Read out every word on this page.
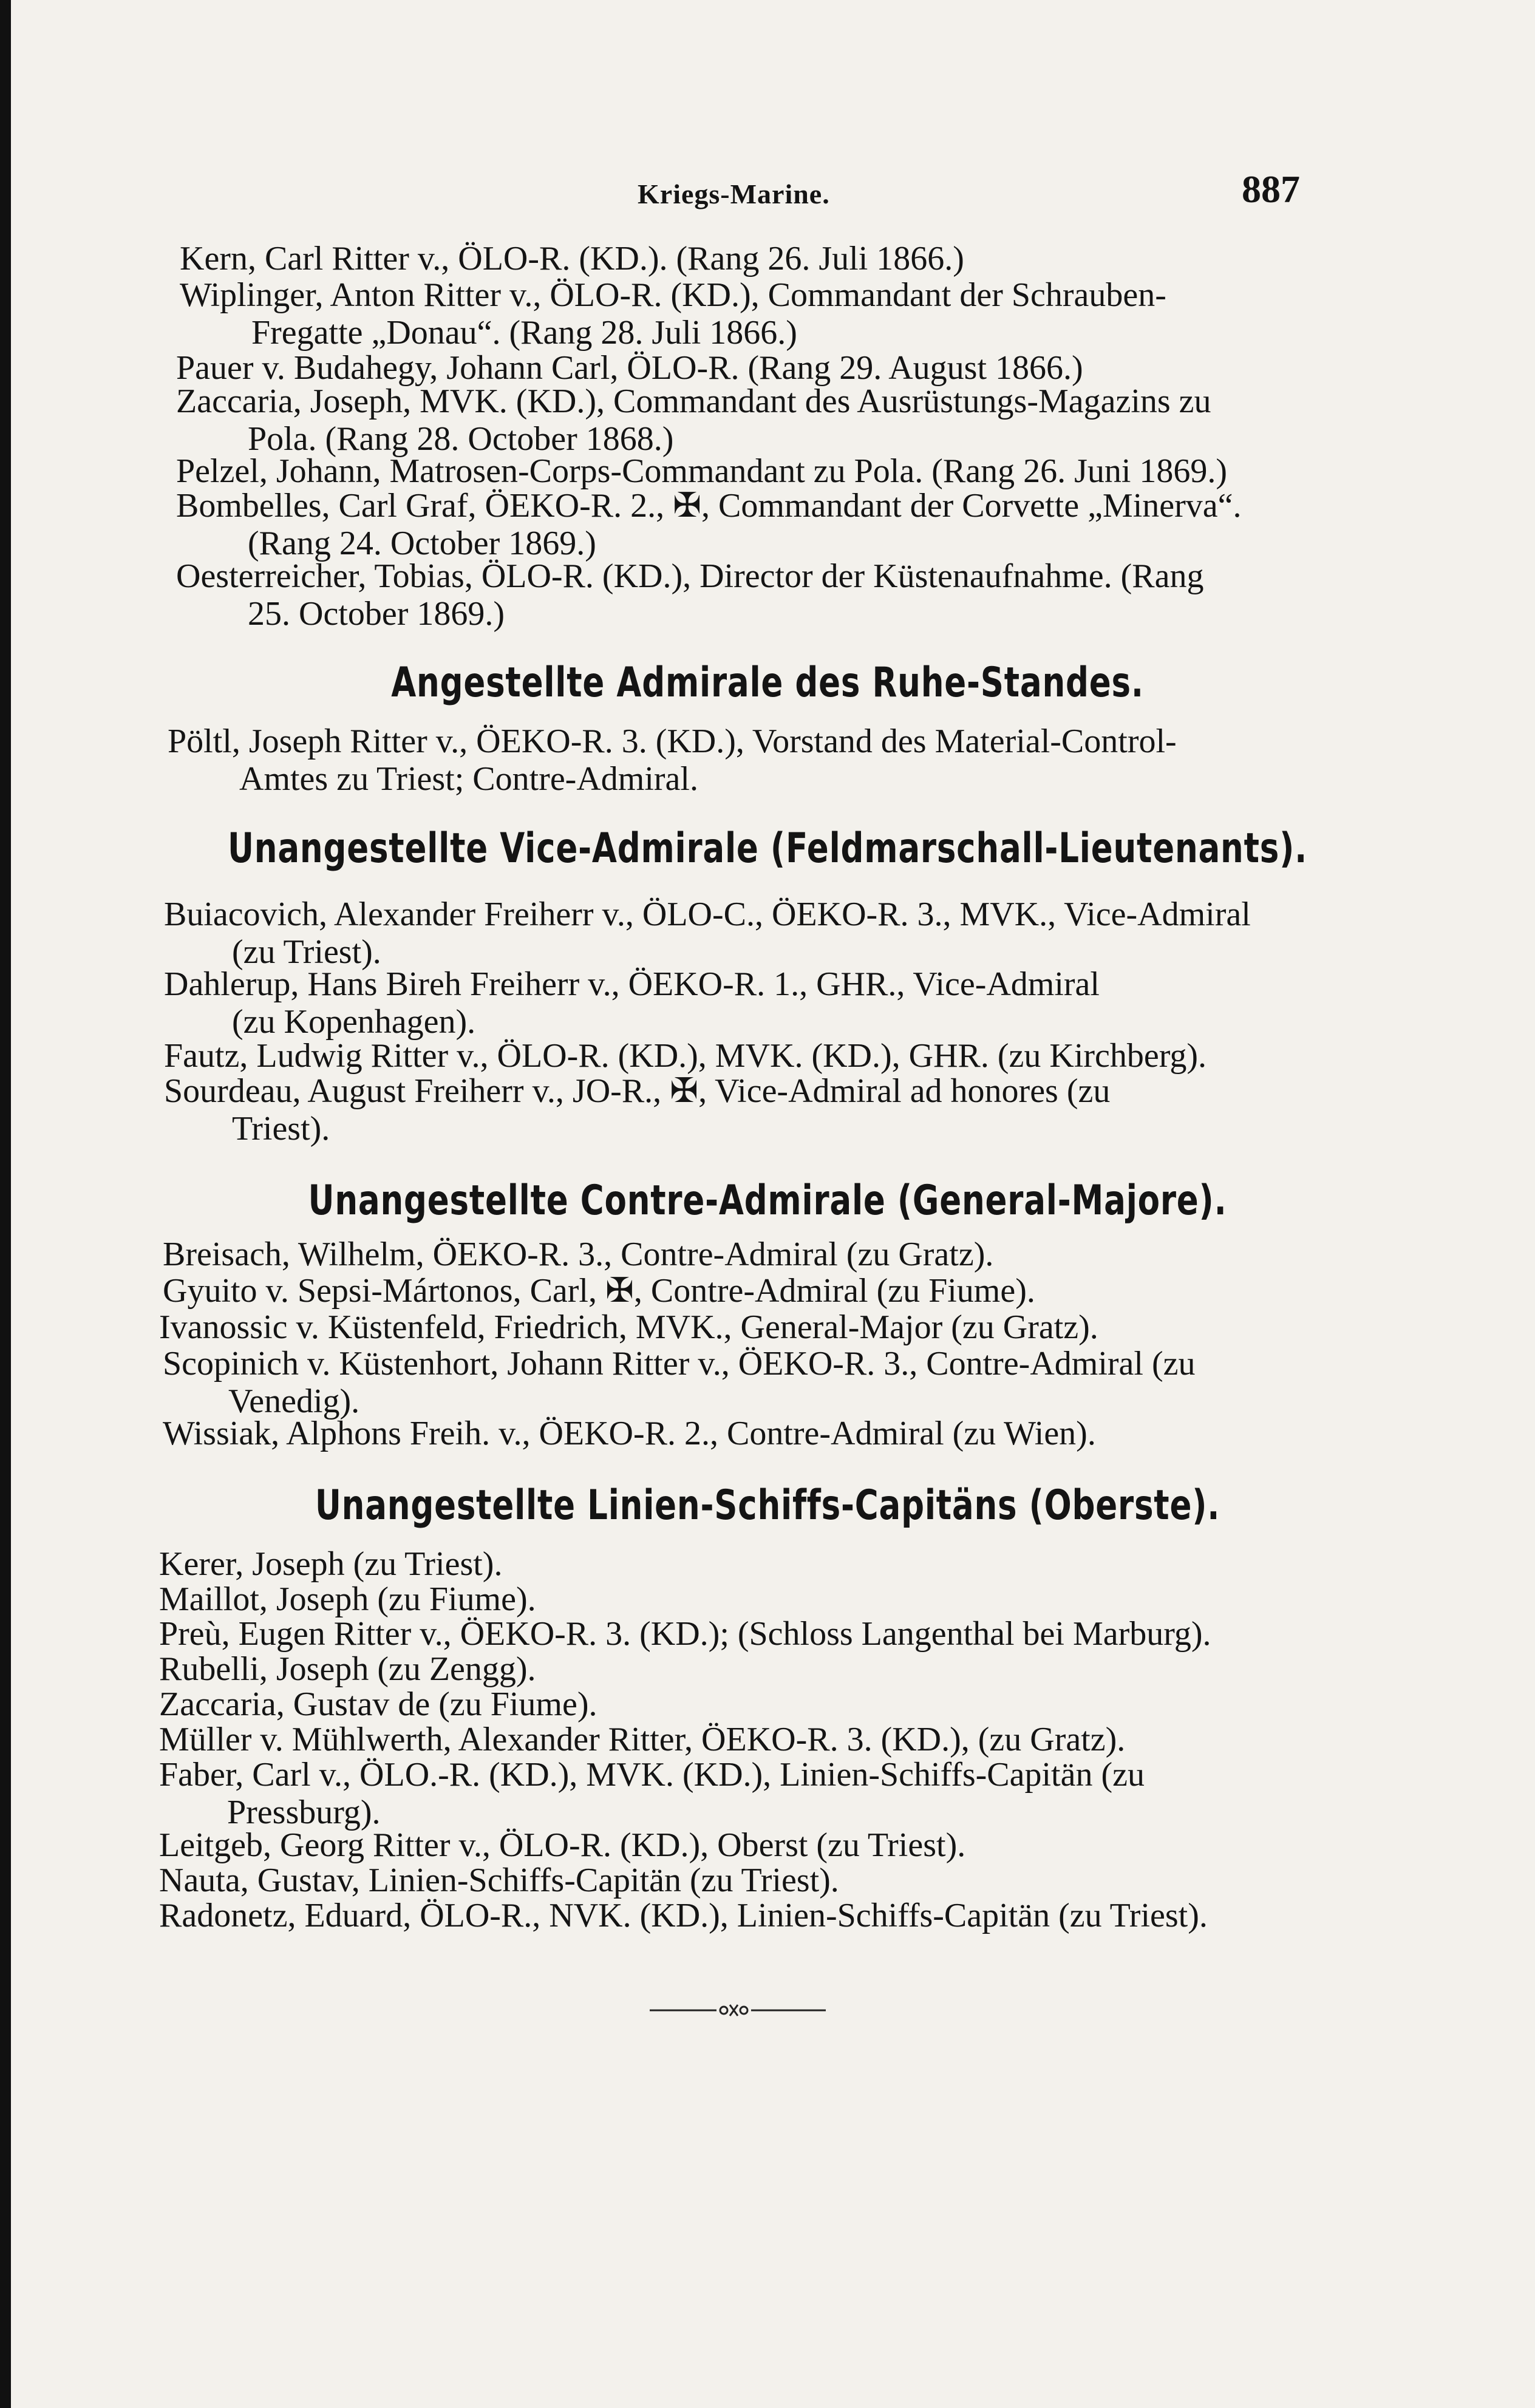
Kriegs-Marine.	887
Kern, Carl Ritter v., ÖLO-R. (KD.). (Rang 26. Juli 1866.)
Wiplinger, Anton Ritter v., ÖLO-R. (KD.), Commandant der Schrauben-
Fregatte „Donau“. (Rang 28. Juli 1866.)
Pauer v. Budahegy, Johann Carl, ÖLO-R. (Rang 29. August 1866.)
Zaccaria, Joseph, MVK. (KD.), Commandant des Ausrüstungs-Magazins zu
Pola. (Rang 28. October 1868.)
Pelzel, Johann, Matrosen-Corps-Commandant zu Pola. (Rang 26. Juni 1869.)
Bombelles, Carl Graf, ÖEKO-R. 2., ✠, Commandant der Corvette „Minerva“.
(Rang 24. October 1869.)
Oesterreicher, Tobias, ÖLO-R. (KD.), Director der Küstenaufnahme. (Rang
25. October 1869.)
Angestellte Admirale des Ruhe-Standes.
Pöltl, Joseph Ritter v., ÖEKO-R. 3. (KD.), Vorstand des Material-Control-
Amtes zu Triest; Contre-Admiral.
Unangestellte Vice-Admirale (Feldmarschall-Lieutenants).
Buiacovich, Alexander Freiherr v., ÖLO-C., ÖEKO-R. 3., MVK., Vice-Admiral
(zu Triest).
Dahlerup, Hans Bireh Freiherr v., ÖEKO-R. 1., GHR., Vice-Admiral
(zu Kopenhagen).
Fautz, Ludwig Ritter v., ÖLO-R. (KD.), MVK. (KD.), GHR. (zu Kirchberg).
Sourdeau, August Freiherr v., JO-R., ✠, Vice-Admiral ad honores (zu
Triest).
Unangestellte Contre-Admirale (General-Majore).
Breisach, Wilhelm, ÖEKO-R. 3., Contre-Admiral (zu Gratz).
Gyuito v. Sepsi-Mártonos, Carl, ✠, Contre-Admiral (zu Fiume).
Ivanossic v. Küstenfeld, Friedrich, MVK., General-Major (zu Gratz).
Scopinich v. Küstenhort, Johann Ritter v., ÖEKO-R. 3., Contre-Admiral (zu
Venedig).
Wissiak, Alphons Freih. v., ÖEKO-R. 2., Contre-Admiral (zu Wien).
Unangestellte Linien-Schiffs-Capitäns (Oberste).
Kerer, Joseph (zu Triest).
Maillot, Joseph (zu Fiume).
Preù, Eugen Ritter v., ÖEKO-R. 3. (KD.); (Schloss Langenthal bei Marburg).
Rubelli, Joseph (zu Zengg).
Zaccaria, Gustav de (zu Fiume).
Müller v. Mühlwerth, Alexander Ritter, ÖEKO-R. 3. (KD.), (zu Gratz).
Faber, Carl v., ÖLO.-R. (KD.), MVK. (KD.), Linien-Schiffs-Capitän (zu
Pressburg).
Leitgeb, Georg Ritter v., ÖLO-R. (KD.), Oberst (zu Triest).
Nauta, Gustav, Linien-Schiffs-Capitän (zu Triest).
Radonetz, Eduard, ÖLO-R., NVK. (KD.), Linien-Schiffs-Capitän (zu Triest).
